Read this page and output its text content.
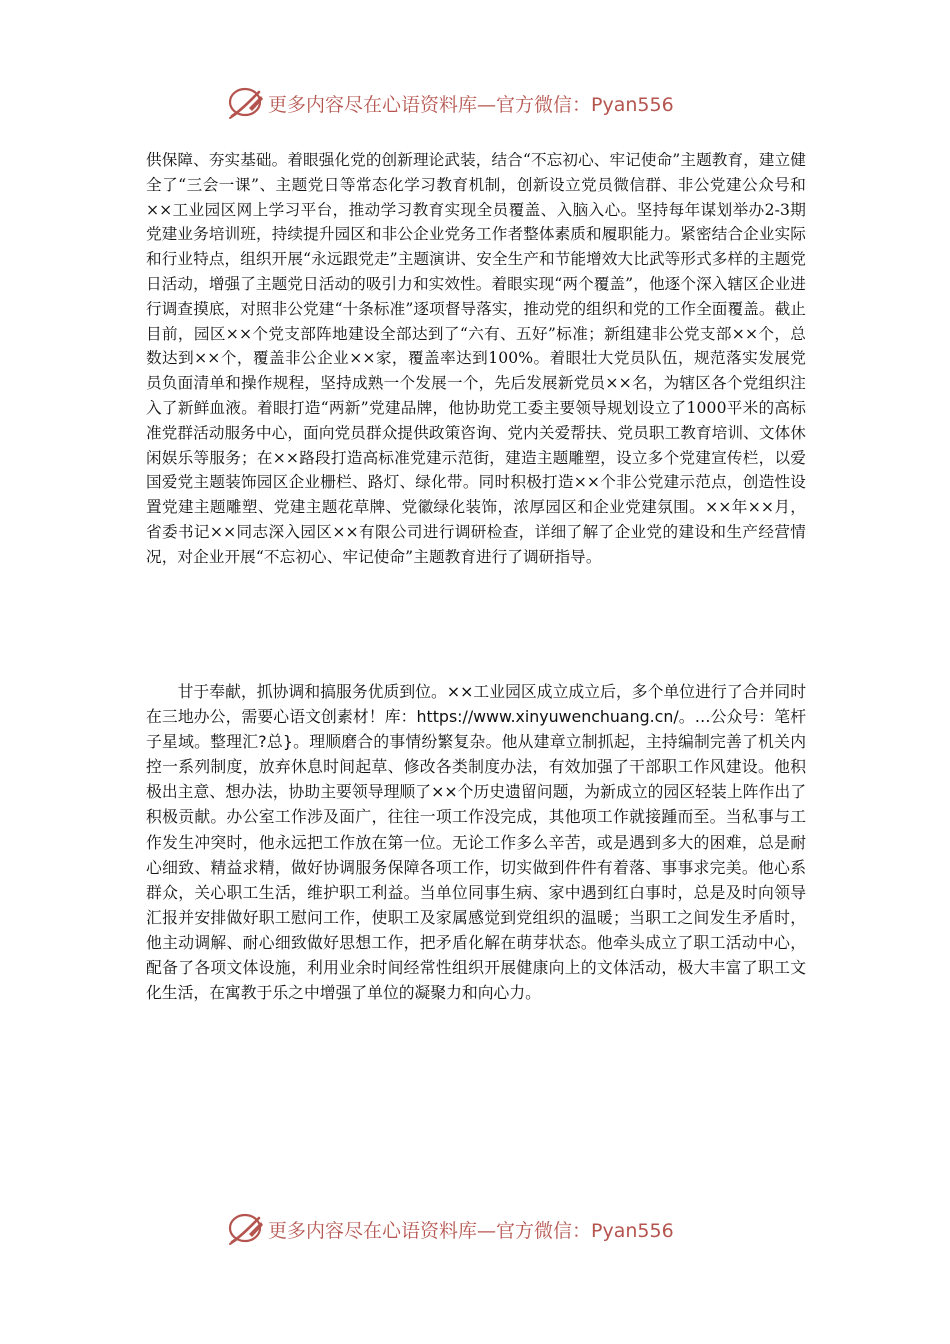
更多内容尽在心语资料库— 官方微信：Pyan556

供保障、夯实基础。着眼强化党的创新理论武装，结合“不忘初心、牢记使命”主题教育，建立健全了“三会一课”、主题党日等常态化学习教育机制，创新设立党员微信群、非公党建公众号和××工业园区网上学习平台，推动学习教育实现全员覆盖、入脑入心。坚持每年谋划举办2-3期党建业务培训班，持续提升园区和非公企业党务工作者整体素质和履职能力。紧密结合企业实际和行业特点，组织开展“永远跟党走”主题演讲、安全生产和节能增效大比武等形式多样的主题党日活动，增强了主题党日活动的吸引力和实效性。着眼实现“两个覆盖”，他逐个深入辖区企业进行调查摸底，对照非公党建“十条标准”逐项督导落实，推动党的组织和党的工作全面覆盖。截止目前，园区××个党支部阵地建设全部达到了“六有、五好”标准；新组建非公党支部××个，总数达到××个，覆盖非公企业××家，覆盖率达到100%。着眼壮大党员队伍，规范落实发展党员负面清单和操作规程，坚持成熟一个发展一个，先后发展新党员××名，为辖区各个党组织注入了新鲜血液。着眼打造“两新”党建品牌，他协助党工委主要领导规划设立了1000平米的高标准党群活动服务中心，面向党员群众提供政策咨询、党内关爱帮扶、党员职工教育培训、文体休闲娱乐等服务；在××路段打造高标准党建示范街，建造主题雕塑，设立多个党建宣传栏，以爱国爱党主题装饰园区企业栅栏、路灯、绿化带。同时积极打造××个非公党建示范点，创造性设置党建主题雕塑、党建主题花草牌、党徽绿化装饰，浓厚园区和企业党建氛围。××年××月，省委书记××同志深入园区××有限公司进行调研检查，详细了解了企业党的建设和生产经营情况，对企业开展“不忘初心、牢记使命”主题教育进行了调研指导。

甘于奉献，抓协调和搞服务优质到位。××工业园区成立成立后，多个单位进行了合并同时在三地办公，需要心语文创素材！库：https://www.xinyuwenchuang.cn/。…公众号：笔杆子星域。整理汇?总}。理顺磨合的事情纷繁复杂。他从建章立制抓起，主持编制完善了机关内控一系列制度，放弃休息时间起草、修改各类制度办法，有效加强了干部职工作风建设。他积极出主意、想办法，协助主要领导理顺了××个历史遗留问题，为新成立的园区轻装上阵作出了积极贡献。办公室工作涉及面广，往往一项工作没完成，其他项工作就接踵而至。当私事与工作发生冲突时，他永远把工作放在第一位。无论工作多么辛苦，或是遇到多大的困难，总是耐心细致、精益求精，做好协调服务保障各项工作，切实做到件件有着落、事事求完美。他心系群众，关心职工生活，维护职工利益。当单位同事生病、家中遇到红白事时，总是及时向领导汇报并安排做好职工慰问工作，使职工及家属感觉到党组织的温暖；当职工之间发生矛盾时，他主动调解、耐心细致做好思想工作，把矛盾化解在萌芽状态。他牵头成立了职工活动中心，配备了各项文体设施，利用业余时间经常性组织开展健康向上的文体活动，极大丰富了职工文化生活，在寓教于乐之中增强了单位的凝聚力和向心力。

更多内容尽在心语资料库— 官方微信：Pyan556
